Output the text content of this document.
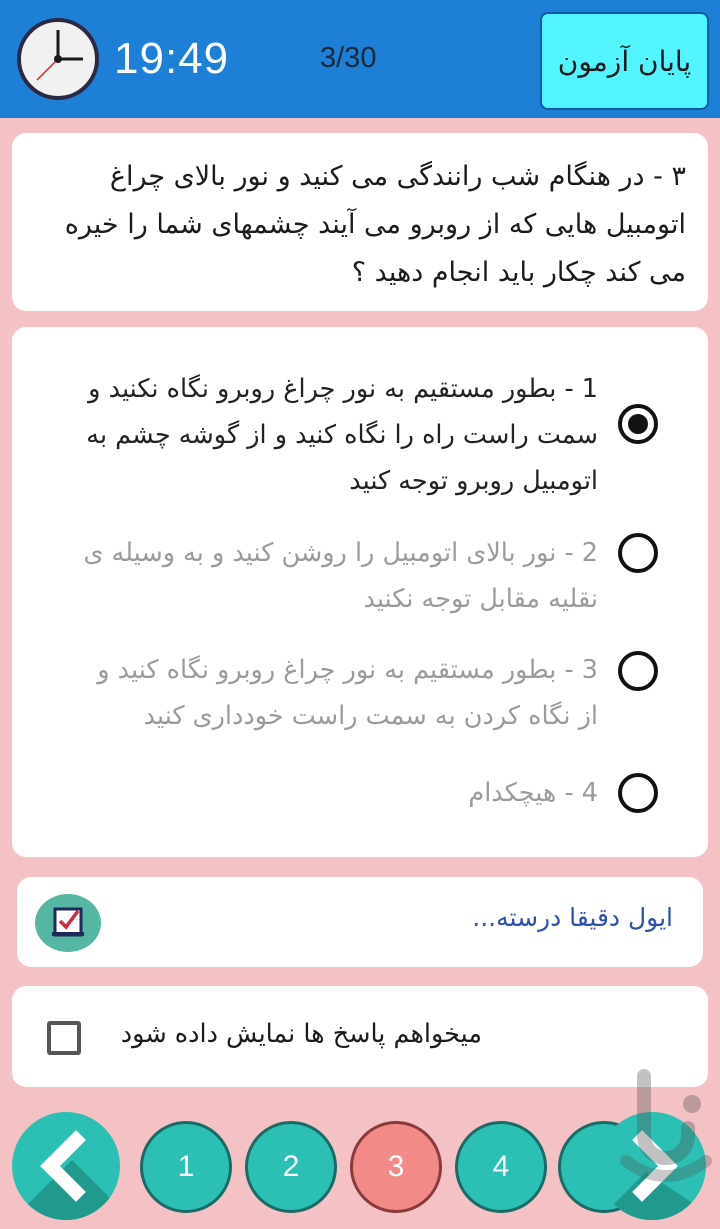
19:49	3/30	پایان آزمون
۳ - در هنگام شب رانندگی می کنید و نور بالای چراغ اتومبیل هایی که از روبرو می آیند چشمهای شما را خیره می کند چکار باید انجام دهید ؟
1 - بطور مستقیم به نور چراغ روبرو نگاه نکنید و سمت راست راه را نگاه کنید و از گوشه چشم به اتومبیل روبرو توجه کنید
2 - نور بالای اتومبیل را روشن کنید و به وسیله ی نقلیه مقابل توجه نکنید
3 - بطور مستقیم به نور چراغ روبرو نگاه کنید و از نگاه کردن به سمت راست خودداری کنید
4 - هیچکدام
ایول دقیقا درسته...
میخواهم پاسخ ها نمایش داده شود
1	2	3	4
